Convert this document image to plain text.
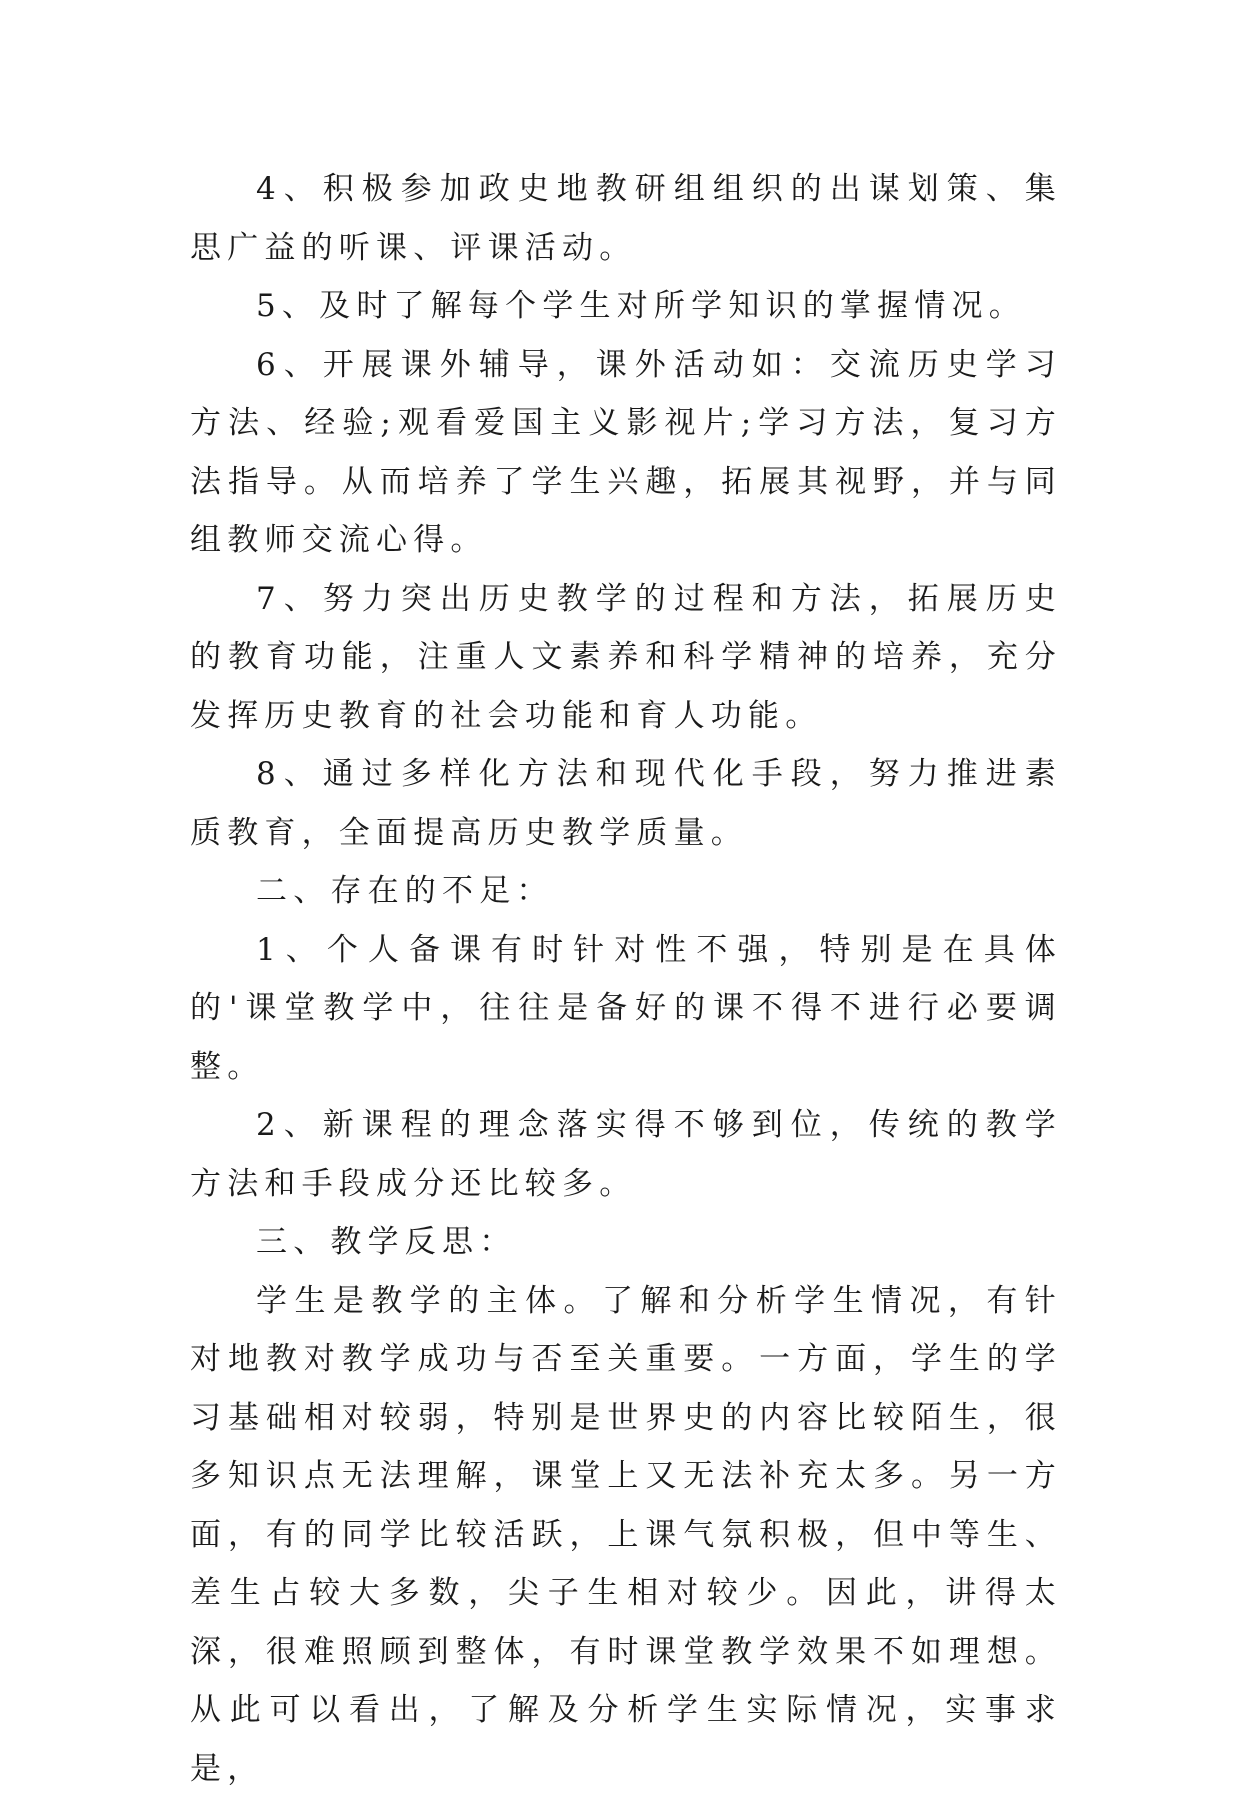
4、积极参加政史地教研组组织的出谋划策、集思广益的听课、评课活动。

5、及时了解每个学生对所学知识的掌握情况。

6、开展课外辅导，课外活动如：交流历史学习方法、经验;观看爱国主义影视片;学习方法，复习方法指导。从而培养了学生兴趣，拓展其视野，并与同组教师交流心得。

7、努力突出历史教学的过程和方法，拓展历史的教育功能，注重人文素养和科学精神的培养，充分发挥历史教育的社会功能和育人功能。

8、通过多样化方法和现代化手段，努力推进素质教育，全面提高历史教学质量。

二、存在的不足：

1、个人备课有时针对性不强，特别是在具体的'课堂教学中，往往是备好的课不得不进行必要调整。

2、新课程的理念落实得不够到位，传统的教学方法和手段成分还比较多。

三、教学反思：

学生是教学的主体。了解和分析学生情况，有针对地教对教学成功与否至关重要。一方面，学生的学习基础相对较弱，特别是世界史的内容比较陌生，很多知识点无法理解，课堂上又无法补充太多。另一方面，有的同学比较活跃，上课气氛积极，但中等生、差生占较大多数，尖子生相对较少。因此，讲得太深，很难照顾到整体，有时课堂教学效果不如理想。从此可以看出，了解及分析学生实际情况，实事求是，
